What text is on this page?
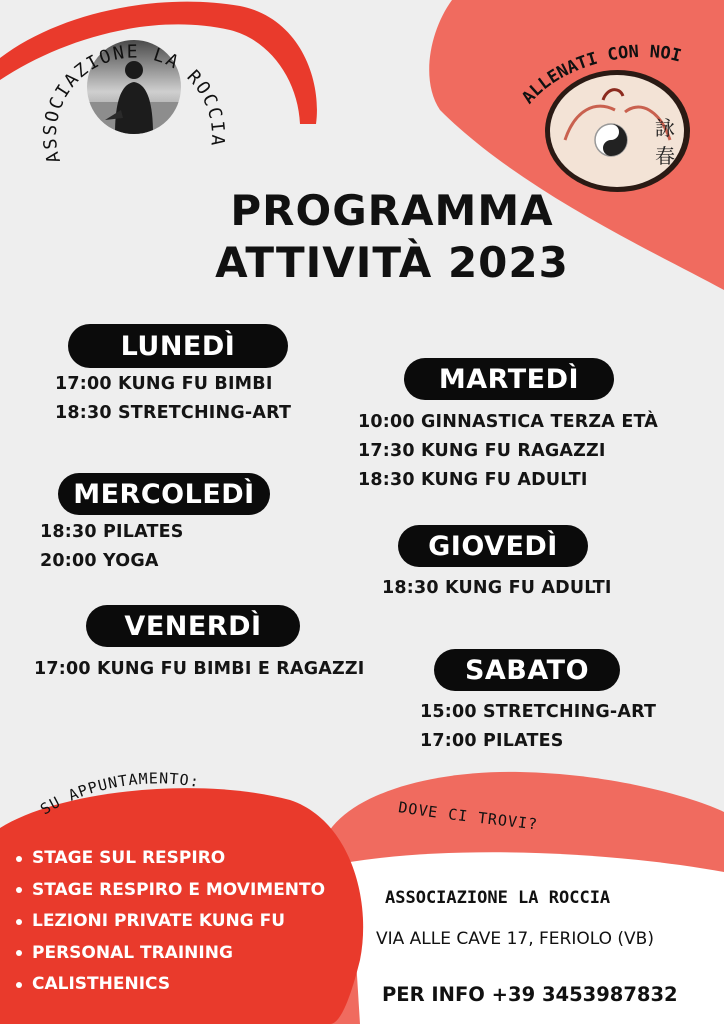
ASSOCIAZIONE LA ROCCIA
詠
春
ALLENATI CON NOI
PROGRAMMA
ATTIVITÀ 2023
LUNEDÌ
17:00 KUNG FU BIMBI
18:30 STRETCHING-ART
MARTEDÌ
10:00 GINNASTICA TERZA ETÀ
17:30 KUNG FU RAGAZZI
18:30 KUNG FU ADULTI
MERCOLEDÌ
18:30 PILATES
20:00 YOGA	GIOVEDÌ
18:30 KUNG FU ADULTI
VENERDÌ
17:00 KUNG FU BIMBI E RAGAZZI	SABATO
15:00 STRETCHING-ART
17:00 PILATES
SU APPUNTAMENTO:
STAGE SUL RESPIRO
STAGE RESPIRO E MOVIMENTO
LEZIONI PRIVATE KUNG FU
PERSONAL TRAINING
CALISTHENICS
DOVE CI TROVI?
ASSOCIAZIONE LA ROCCIA
VIA ALLE CAVE 17, FERIOLO (VB)
PER INFO +39 3453987832
